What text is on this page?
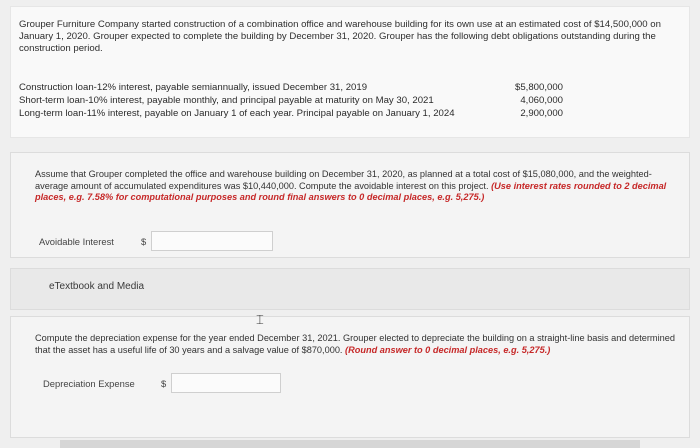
Grouper Furniture Company started construction of a combination office and warehouse building for its own use at an estimated cost of $14,500,000 on January 1, 2020. Grouper expected to complete the building by December 31, 2020. Grouper has the following debt obligations outstanding during the construction period.
Construction loan-12% interest, payable semiannually, issued December 31, 2019	$5,800,000
Short-term loan-10% interest, payable monthly, and principal payable at maturity on May 30, 2021	4,060,000
Long-term loan-11% interest, payable on January 1 of each year. Principal payable on January 1, 2024	2,900,000
Assume that Grouper completed the office and warehouse building on December 31, 2020, as planned at a total cost of $15,080,000, and the weighted-average amount of accumulated expenditures was $10,440,000. Compute the avoidable interest on this project. (Use interest rates rounded to 2 decimal places, e.g. 7.58% for computational purposes and round final answers to 0 decimal places, e.g. 5,275.)
Avoidable Interest	$
eTextbook and Media
Compute the depreciation expense for the year ended December 31, 2021. Grouper elected to depreciate the building on a straight-line basis and determined that the asset has a useful life of 30 years and a salvage value of $870,000. (Round answer to 0 decimal places, e.g. 5,275.)
Depreciation Expense	$
⌶
